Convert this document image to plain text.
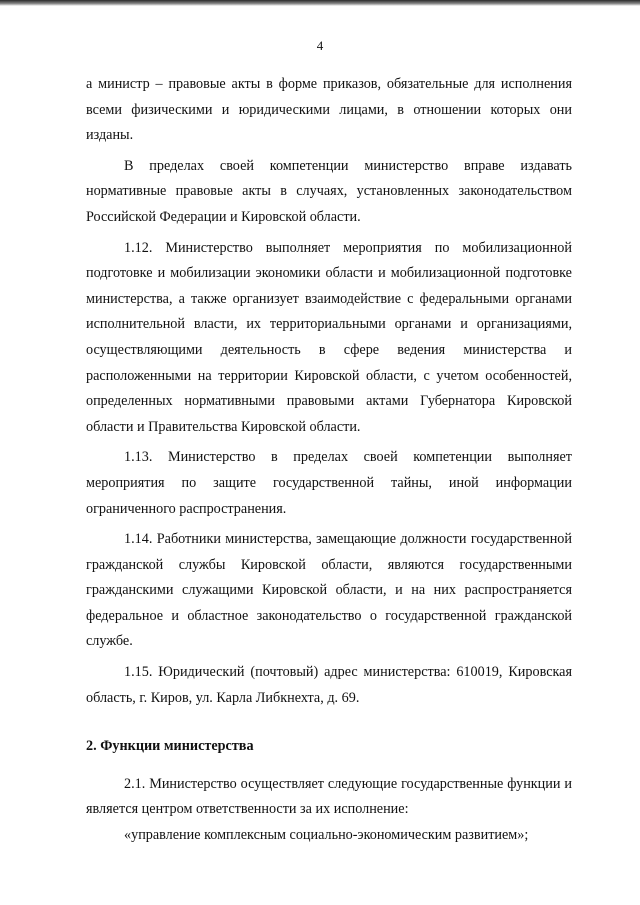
4

а министр – правовые акты в форме приказов, обязательные для исполнения всеми физическими и юридическими лицами, в отношении которых они изданы.

В пределах своей компетенции министерство вправе издавать нормативные правовые акты в случаях, установленных законодательством Российской Федерации и Кировской области.

1.12. Министерство выполняет мероприятия по мобилизационной подготовке и мобилизации экономики области и мобилизационной подготовке министерства, а также организует взаимодействие с федеральными органами исполнительной власти, их территориальными органами и организациями, осуществляющими деятельность в сфере ведения министерства и расположенными на территории Кировской области, с учетом особенностей, определенных нормативными правовыми актами Губернатора Кировской области и Правительства Кировской области.

1.13. Министерство в пределах своей компетенции выполняет мероприятия по защите государственной тайны, иной информации ограниченного распространения.

1.14. Работники министерства, замещающие должности государственной гражданской службы Кировской области, являются государственными гражданскими служащими Кировской области, и на них распространяется федеральное и областное законодательство о государственной гражданской службе.

1.15. Юридический (почтовый) адрес министерства: 610019, Кировская область, г. Киров, ул. Карла Либкнехта, д. 69.

2. Функции министерства

2.1. Министерство осуществляет следующие государственные функции и является центром ответственности за их исполнение:

«управление комплексным социально-экономическим развитием»;
